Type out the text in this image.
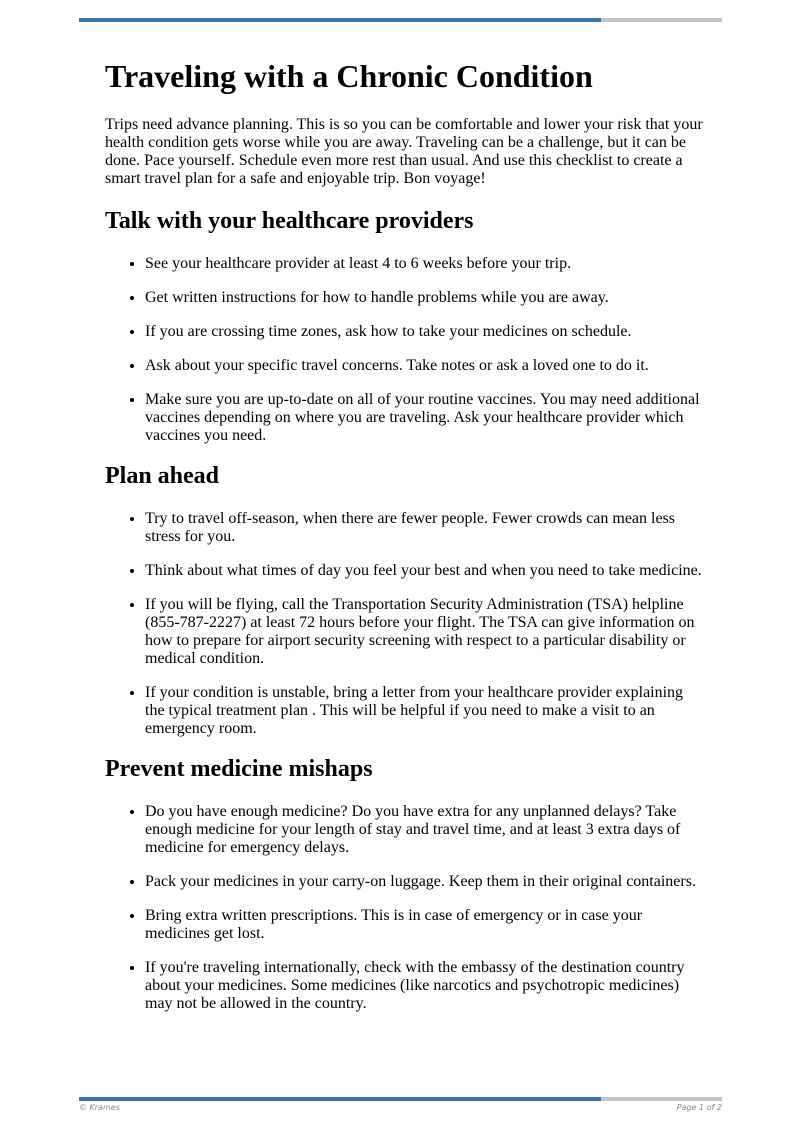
Traveling with a Chronic Condition

Trips need advance planning. This is so you can be comfortable and lower your risk that your health condition gets worse while you are away. Traveling can be a challenge, but it can be done. Pace yourself. Schedule even more rest than usual. And use this checklist to create a smart travel plan for a safe and enjoyable trip. Bon voyage!

Talk with your healthcare providers
• See your healthcare provider at least 4 to 6 weeks before your trip.
• Get written instructions for how to handle problems while you are away.
• If you are crossing time zones, ask how to take your medicines on schedule.
• Ask about your specific travel concerns. Take notes or ask a loved one to do it.
• Make sure you are up-to-date on all of your routine vaccines. You may need additional vaccines depending on where you are traveling. Ask your healthcare provider which vaccines you need.
Plan ahead
• Try to travel off-season, when there are fewer people. Fewer crowds can mean less stress for you.
• Think about what times of day you feel your best and when you need to take medicine.
• If you will be flying, call the Transportation Security Administration (TSA) helpline (855-787-2227) at least 72 hours before your flight. The TSA can give information on how to prepare for airport security screening with respect to a particular disability or medical condition.
• If your condition is unstable, bring a letter from your healthcare provider explaining the typical treatment plan . This will be helpful if you need to make a visit to an emergency room.
Prevent medicine mishaps
• Do you have enough medicine? Do you have extra for any unplanned delays? Take enough medicine for your length of stay and travel time, and at least 3 extra days of medicine for emergency delays.
• Pack your medicines in your carry-on luggage. Keep them in their original containers.
• Bring extra written prescriptions. This is in case of emergency or in case your medicines get lost.
• If you're traveling internationally, check with the embassy of the destination country about your medicines. Some medicines (like narcotics and psychotropic medicines) may not be allowed in the country.
© Krames	Page 1 of 2
